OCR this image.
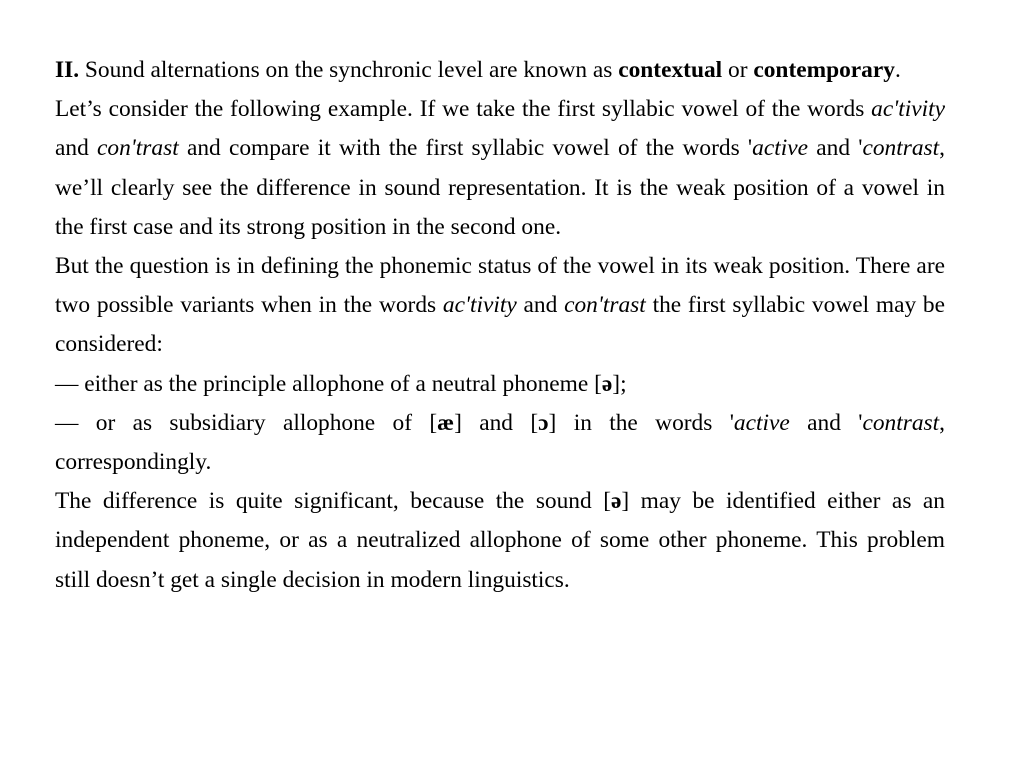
II. Sound alternations on the synchronic level are known as contextual or contemporary.

Let’s consider the following example. If we take the first syllabic vowel of the words ac'tivity and con'trast and compare it with the first syllabic vowel of the words 'active and 'contrast, we’ll clearly see the difference in sound representation. It is the weak position of a vowel in the first case and its strong position in the second one.

But the question is in defining the phonemic status of the vowel in its weak position. There are two possible variants when in the words ac'tivity and con'trast the first syllabic vowel may be considered:

— either as the principle allophone of a neutral phoneme [ə];

— or as subsidiary allophone of [æ] and [ɔ] in the words 'active and 'contrast, correspondingly.

The difference is quite significant, because the sound [ə] may be identified either as an independent phoneme, or as a neutralized allophone of some other phoneme. This problem still doesn’t get a single decision in modern linguistics.
